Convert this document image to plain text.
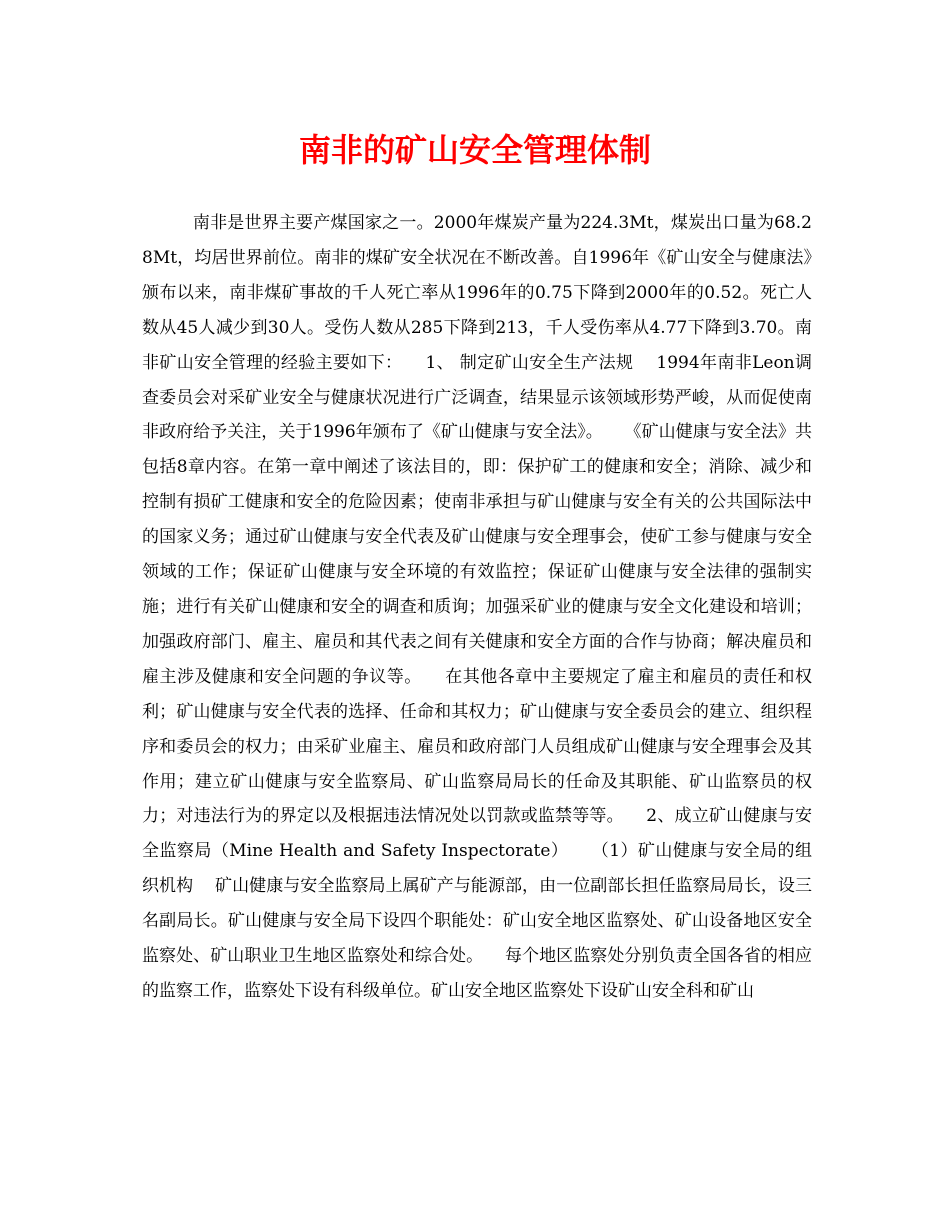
南非的矿山安全管理体制

南非是世界主要产煤国家之一。2000年煤炭产量为224.3Mt，煤炭出口量为68.28Mt，均居世界前位。南非的煤矿安全状况在不断改善。自1996年《矿山安全与健康法》颁布以来，南非煤矿事故的千人死亡率从1996年的0.75下降到2000年的0.52。死亡人数从45人减少到30人。受伤人数从285下降到213，千人受伤率从4.77下降到3.70。南非矿山安全管理的经验主要如下：    1、 制定矿山安全生产法规    1994年南非Leon调查委员会对采矿业安全与健康状况进行广泛调查，结果显示该领域形势严峻，从而促使南非政府给予关注，关于1996年颁布了《矿山健康与安全法》。    《矿山健康与安全法》共包括8章内容。在第一章中阐述了该法目的，即：保护矿工的健康和安全；消除、减少和控制有损矿工健康和安全的危险因素；使南非承担与矿山健康与安全有关的公共国际法中的国家义务；通过矿山健康与安全代表及矿山健康与安全理事会，使矿工参与健康与安全领域的工作；保证矿山健康与安全环境的有效监控；保证矿山健康与安全法律的强制实施；进行有关矿山健康和安全的调查和质询；加强采矿业的健康与安全文化建设和培训；加强政府部门、雇主、雇员和其代表之间有关健康和安全方面的合作与协商；解决雇员和雇主涉及健康和安全问题的争议等。    在其他各章中主要规定了雇主和雇员的责任和权利；矿山健康与安全代表的选择、任命和其权力；矿山健康与安全委员会的建立、组织程序和委员会的权力；由采矿业雇主、雇员和政府部门人员组成矿山健康与安全理事会及其作用；建立矿山健康与安全监察局、矿山监察局局长的任命及其职能、矿山监察员的权力；对违法行为的界定以及根据违法情况处以罚款或监禁等等。    2、成立矿山健康与安全监察局（Mine Health and Safety Inspectorate）    （1）矿山健康与安全局的组织机构    矿山健康与安全监察局上属矿产与能源部，由一位副部长担任监察局局长，设三名副局长。矿山健康与安全局下设四个职能处：矿山安全地区监察处、矿山设备地区安全监察处、矿山职业卫生地区监察处和综合处。    每个地区监察处分别负责全国各省的相应的监察工作，监察处下设有科级单位。矿山安全地区监察处下设矿山安全科和矿山
